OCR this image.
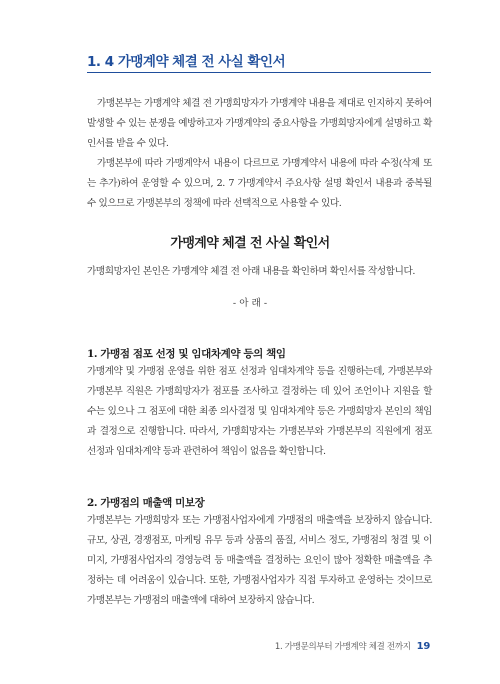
1. 4 가맹계약 체결 전 사실 확인서

가맹본부는 가맹계약 체결 전 가맹희망자가 가맹계약 내용을 제대로 인지하지 못하여 발생할 수 있는 분쟁을 예방하고자 가맹계약의 중요사항을 가맹희망자에게 설명하고 확인서를 받을 수 있다.

가맹본부에 따라 가맹계약서 내용이 다르므로 가맹계약서 내용에 따라 수정(삭제 또는 추가)하여 운영할 수 있으며, 2. 7 가맹계약서 주요사항 설명 확인서 내용과 중복될 수 있으므로 가맹본부의 정책에 따라 선택적으로 사용할 수 있다.

가맹계약 체결 전 사실 확인서
가맹희망자인 본인은 가맹계약 체결 전 아래 내용을 확인하며 확인서를 작성합니다.
- 아 래 -
1. 가맹점 점포 선정 및 임대차계약 등의 책임
가맹계약 및 가맹점 운영을 위한 점포 선정과 임대차계약 등을 진행하는데, 가맹본부와 가맹본부 직원은 가맹희망자가 점포를 조사하고 결정하는 데 있어 조언이나 지원을 할 수는 있으나 그 점포에 대한 최종 의사결정 및 임대차계약 등은 가맹희망자 본인의 책임과 결정으로 진행합니다. 따라서, 가맹희망자는 가맹본부와 가맹본부의 직원에게 점포 선정과 임대차계약 등과 관련하여 책임이 없음을 확인합니다.
2. 가맹점의 매출액 미보장
가맹본부는 가맹희망자 또는 가맹점사업자에게 가맹점의 매출액을 보장하지 않습니다. 규모, 상권, 경쟁점포, 마케팅 유무 등과 상품의 품질, 서비스 정도, 가맹점의 청결 및 이미지, 가맹점사업자의 경영능력 등 매출액을 결정하는 요인이 많아 정확한 매출액을 추정하는 데 어려움이 있습니다. 또한, 가맹점사업자가 직접 투자하고 운영하는 것이므로 가맹본부는 가맹점의 매출액에 대하여 보장하지 않습니다.
1. 가맹문의부터 가맹계약 체결 전까지 19
